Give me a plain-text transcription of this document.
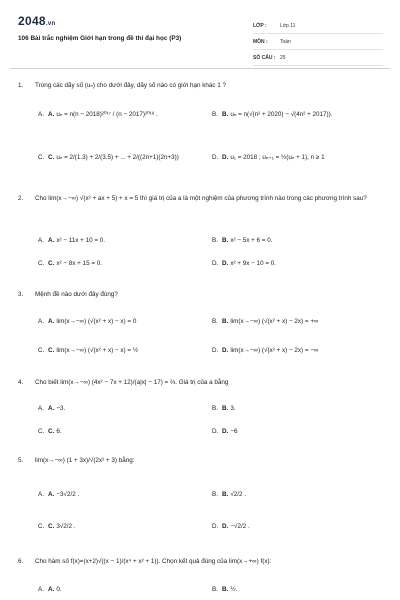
2048.vn
106 Bài trắc nghiệm Giới hạn trong đề thi đại học (P3)
LỚP :	Lớp 11
MÔN :	Toán
SỐ CÂU : 25
1. Trong các dãy số (uₙ) cho dưới đây, dãy số nào có giới hạn khác 1 ?
A. A. uₙ = n(n − 2018)²⁰¹⁷ / (n − 2017)²⁰¹⁸ .	B. B. uₙ = n(√(n² + 2020) − √(4n² + 2017)).
C. C. uₙ = 2/(1.3) + 2/(3.5) + ... + 2/((2n+1)(2n+3))	D. D. u₁ = 2018 ; uₙ₊₁ = ½(uₙ + 1), n ≥ 1
2. Cho lim(x→−∞) √(x² + ax + 5) + x = 5 thì giá trị của a là một nghiệm của phương trình nào trong các phương trình sau?
A. A. x² − 11x + 10 = 0.	B. B. x² − 5x + 6 = 0.
C. C. x² − 8x + 15 = 0.	D. D. x² + 9x − 10 = 0.
3. Mệnh đề nào dưới đây đúng?
A. A. lim(x→−∞) (√(x² + x) − x) = 0	B. B. lim(x→−∞) (√(x² + x) − 2x) = +∞
C. C. lim(x→−∞) (√(x² + x) − x) = ½	D. D. lim(x→−∞) (√(x² + x) − 2x) = −∞
4. Cho biết lim(x→−∞) (4x² − 7x + 12)/(a|x| − 17) = ⅔. Giá trị của a bằng
A. A. −3.	B. B. 3.
C. C. 6.	D. D. −6
5. lim(x→−∞) (1 + 3x)/√(2x² + 3) bằng:
A. A. −3√2/2 .	B. B. √2/2 .
C. C. 3√2/2 .	D. D. −√2/2 .
6. Cho hàm số f(x)=(x+2)√((x − 1)/(x⁴ + x² + 1)). Chọn kết quả đúng của lim(x→+∞) f(x):
A. A. 0.	B. B. ½.
